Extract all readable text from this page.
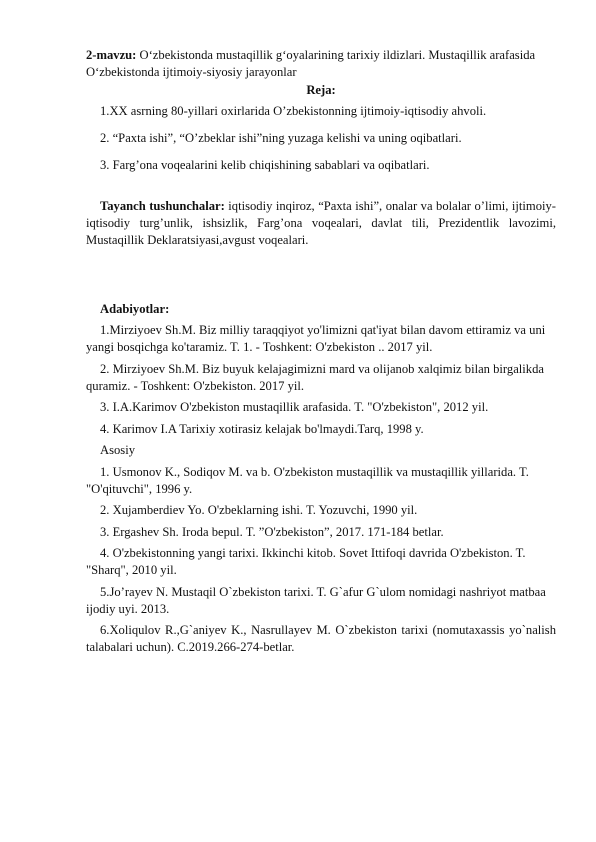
2-mavzu: O‘zbekistonda mustaqillik g‘oyalarining tarixiy ildizlari. Mustaqillik arafasida O‘zbekistonda ijtimoiy-siyosiy jarayonlar

Reja:

1.XX asrning 80-yillari oxirlarida O’zbekistonning ijtimoiy-iqtisodiy ahvoli.

2. “Paxta ishi”, “O’zbeklar ishi”ning yuzaga kelishi va uning oqibatlari.

3. Farg’ona voqealarini kelib chiqishining sabablari va oqibatlari.

Tayanch tushunchalar: iqtisodiy inqiroz, “Paxta ishi”, onalar va bolalar o’limi, ijtimoiy-iqtisodiy turg’unlik, ishsizlik, Farg’ona voqealari, davlat tili, Prezidentlik lavozimi, Mustaqillik Deklaratsiyasi,avgust voqealari.

Adabiyotlar:

1.Mirziyoev Sh.M. Biz milliy taraqqiyot yo'limizni qat'iyat bilan davom ettiramiz va uni yangi bosqichga ko'taramiz. T. 1. - Toshkent: O'zbekiston .. 2017 yil.

2. Mirziyoev Sh.M. Biz buyuk kelajagimizni mard va olijanob xalqimiz bilan birgalikda quramiz. - Toshkent: O'zbekiston. 2017 yil.

3. I.A.Karimov O'zbekiston mustaqillik arafasida. T. "O'zbekiston", 2012 yil.

4. Karimov I.A Tarixiy xotirasiz kelajak bo'lmaydi.Tarq, 1998 y.

Asosiy

1. Usmonov K., Sodiqov M. va b. O'zbekiston mustaqillik va mustaqillik yillarida. T. "O'qituvchi", 1996 y.

2. Xujamberdiev Yo. O'zbeklarning ishi. T. Yozuvchi, 1990 yil.

3. Ergashev Sh. Iroda bepul. T. ”O'zbekiston”, 2017. 171-184 betlar.

4. O'zbekistonning yangi tarixi. Ikkinchi kitob. Sovet Ittifoqi davrida O'zbekiston. T. "Sharq", 2010 yil.

5.Jo’rayev N. Mustaqil O`zbekiston tarixi. T. G`afur G`ulom nomidagi nashriyot matbaa ijodiy uyi. 2013.

6.Xoliqulov R.,G`aniyev K., Nasrullayev M. O`zbekiston tarixi (nomutaxassis yo`nalish talabalari uchun). C.2019.266-274-betlar.
